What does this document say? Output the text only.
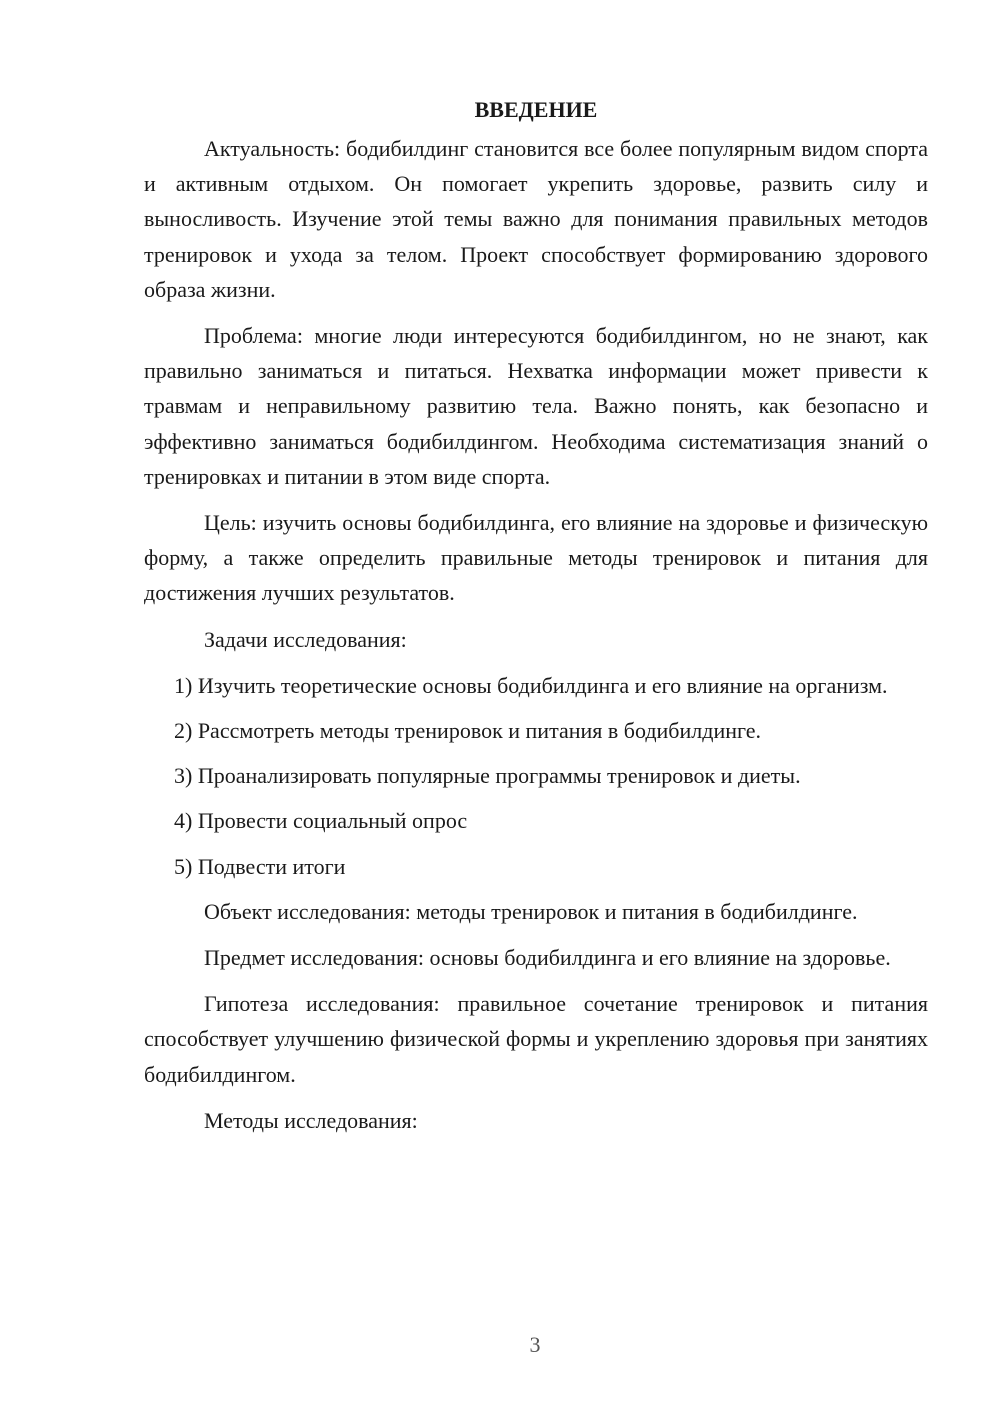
ВВЕДЕНИЕ

Актуальность: бодибилдинг становится все более популярным видом спорта и активным отдыхом. Он помогает укрепить здоровье, развить силу и выносливость. Изучение этой темы важно для понимания правильных методов тренировок и ухода за телом. Проект способствует формированию здорового образа жизни.

Проблема: многие люди интересуются бодибилдингом, но не знают, как правильно заниматься и питаться. Нехватка информации может привести к травмам и неправильному развитию тела. Важно понять, как безопасно и эффективно заниматься бодибилдингом. Необходима систематизация знаний о тренировках и питании в этом виде спорта.

Цель: изучить основы бодибилдинга, его влияние на здоровье и физическую форму, а также определить правильные методы тренировок и питания для достижения лучших результатов.

Задачи исследования:

1) Изучить теоретические основы бодибилдинга и его влияние на организм.

2) Рассмотреть методы тренировок и питания в бодибилдинге.

3) Проанализировать популярные программы тренировок и диеты.

4) Провести социальный опрос

5) Подвести итоги

Объект исследования: методы тренировок и питания в бодибилдинге.

Предмет исследования: основы бодибилдинга и его влияние на здоровье.

Гипотеза исследования: правильное сочетание тренировок и питания способствует улучшению физической формы и укреплению здоровья при занятиях бодибилдингом.

Методы исследования:

3
